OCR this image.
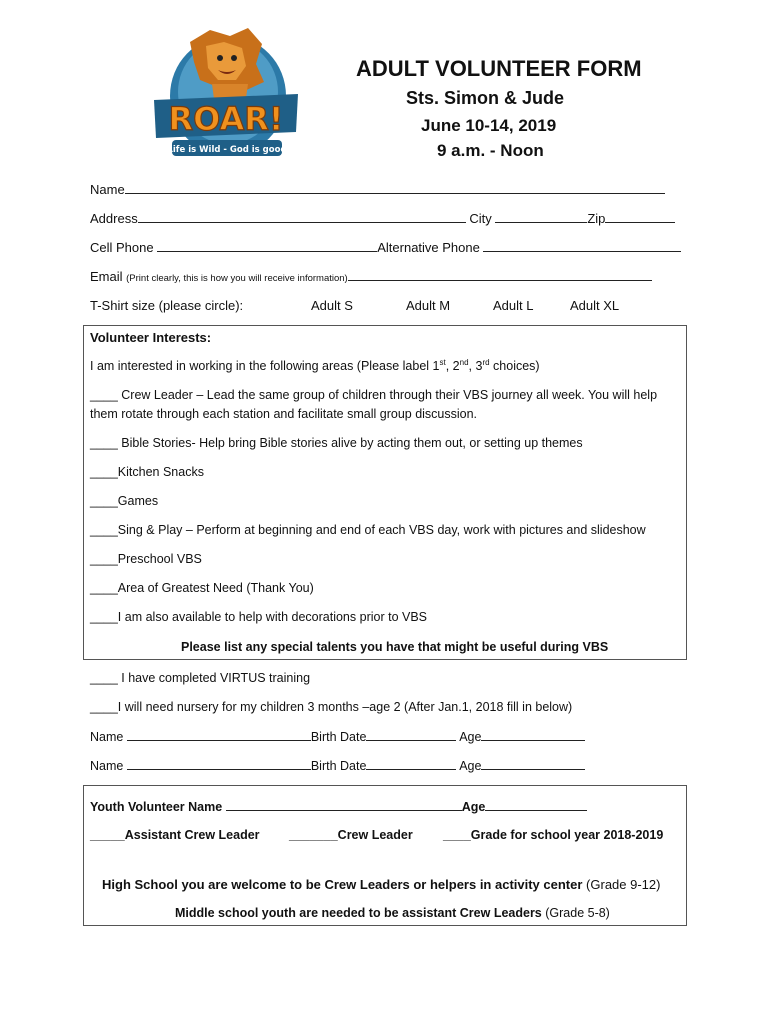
ROAR!
Life is Wild - God is good
ADULT VOLUNTEER FORM
Sts. Simon & Jude
June 10-14, 2019
9 a.m. - Noon
Name
Address	City	Zip
Cell Phone	Alternative Phone
Email (Print clearly, this is how you will receive information)
T-Shirt size (please circle):	Adult S	Adult M	Adult L	Adult XL
Volunteer Interests:
I am interested in working in the following areas (Please label 1st, 2nd, 3rd choices)
____ Crew Leader – Lead the same group of children through their VBS journey all week. You will help
them rotate through each station and facilitate small group discussion.
____ Bible Stories- Help bring Bible stories alive by acting them out, or setting up themes
____Kitchen Snacks
____Games
____Sing & Play – Perform at beginning and end of each VBS day, work with pictures and slideshow
____Preschool VBS
____Area of Greatest Need (Thank You)
____I am also available to help with decorations prior to VBS
Please list any special talents you have that might be useful during VBS
____ I have completed VIRTUS training
____I will need nursery for my children 3 months –age 2 (After Jan.1, 2018 fill in below)
Name	Birth Date	Age
Name	Birth Date	Age
Youth Volunteer Name	Age
_____Assistant Crew Leader _______Crew Leader ____Grade for school year 2018-2019
High School you are welcome to be Crew Leaders or helpers in activity center (Grade 9-12)
Middle school youth are needed to be assistant Crew Leaders (Grade 5-8)
